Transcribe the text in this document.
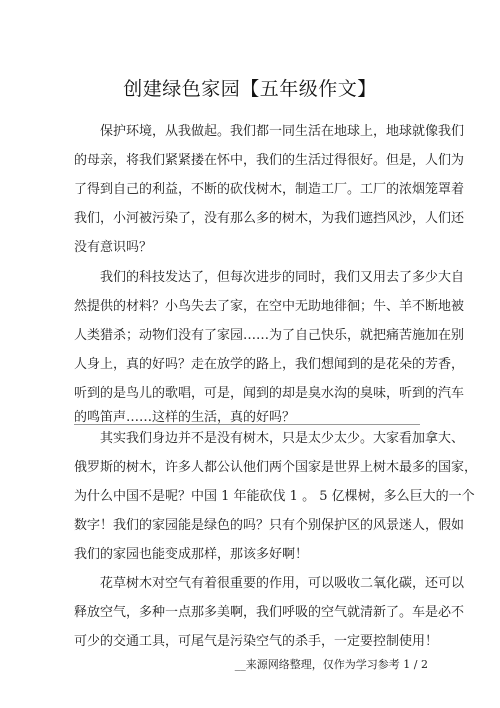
创建绿色家园【五年级作文】
保护环境，从我做起。我们都一同生活在地球上，地球就像我们
的母亲，将我们紧紧搂在怀中，我们的生活过得很好。但是，人们为
了得到自己的利益，不断的砍伐树木，制造工厂。工厂的浓烟笼罩着
我们，小河被污染了，没有那么多的树木，为我们遮挡风沙，人们还
没有意识吗？
我们的科技发达了，但每次进步的同时，我们又用去了多少大自
然提供的材料？小鸟失去了家，在空中无助地徘徊；牛、羊不断地被
人类猎杀；动物们没有了家园……为了自己快乐，就把痛苦施加在别
人身上，真的好吗？走在放学的路上，我们想闻到的是花朵的芳香，
听到的是鸟儿的歌唱，可是，闻到的却是臭水沟的臭味，听到的汽车
的鸣笛声……这样的生活，真的好吗？
其实我们身边并不是没有树木，只是太少太少。大家看加拿大、
俄罗斯的树木，许多人都公认他们两个国家是世界上树木最多的国家，
为什么中国不是呢？中国 1 年能砍伐 1 。 5 亿棵树，多么巨大的一个
数字！我们的家园能是绿色的吗？只有个别保护区的风景迷人，假如
我们的家园也能变成那样，那该多好啊！
花草树木对空气有着很重要的作用，可以吸收二氧化碳，还可以
释放空气，多种一点那多美啊，我们呼吸的空气就清新了。车是必不
可少的交通工具，可尾气是污染空气的杀手，一定要控制使用！
__来源网络整理，仅作为学习参考 1 / 2
